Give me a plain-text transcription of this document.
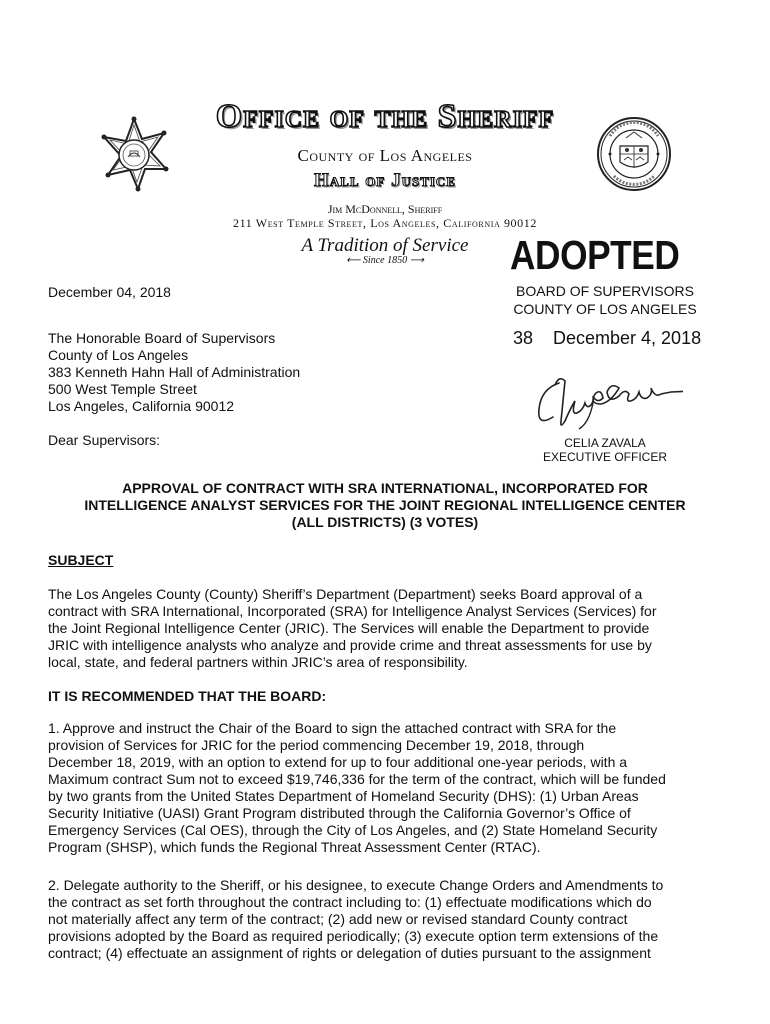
Office of the Sheriff
County of Los Angeles
Hall of Justice
Jim McDonnell, Sheriff
211 West Temple Street, Los Angeles, California 90012
A Tradition of Service
⟵ Since 1850 ⟶	ADOPTED
BOARD OF SUPERVISORS
COUNTY OF LOS ANGELES
38 December 4, 2018
CELIA ZAVALA
EXECUTIVE OFFICER
December 04, 2018
The Honorable Board of Supervisors
County of Los Angeles
383 Kenneth Hahn Hall of Administration
500 West Temple Street
Los Angeles, California 90012
Dear Supervisors:
APPROVAL OF CONTRACT WITH SRA INTERNATIONAL, INCORPORATED FOR
INTELLIGENCE ANALYST SERVICES FOR THE JOINT REGIONAL INTELLIGENCE CENTER
(ALL DISTRICTS) (3 VOTES)
SUBJECT
The Los Angeles County (County) Sheriff’s Department (Department) seeks Board approval of a
contract with SRA International, Incorporated (SRA) for Intelligence Analyst Services (Services) for
the Joint Regional Intelligence Center (JRIC). The Services will enable the Department to provide
JRIC with intelligence analysts who analyze and provide crime and threat assessments for use by
local, state, and federal partners within JRIC’s area of responsibility.
IT IS RECOMMENDED THAT THE BOARD:
1. Approve and instruct the Chair of the Board to sign the attached contract with SRA for the
provision of Services for JRIC for the period commencing December 19, 2018, through
December 18, 2019, with an option to extend for up to four additional one-year periods, with a
Maximum contract Sum not to exceed $19,746,336 for the term of the contract, which will be funded
by two grants from the United States Department of Homeland Security (DHS): (1) Urban Areas
Security Initiative (UASI) Grant Program distributed through the California Governor’s Office of
Emergency Services (Cal OES), through the City of Los Angeles, and (2) State Homeland Security
Program (SHSP), which funds the Regional Threat Assessment Center (RTAC).
2. Delegate authority to the Sheriff, or his designee, to execute Change Orders and Amendments to
the contract as set forth throughout the contract including to: (1) effectuate modifications which do
not materially affect any term of the contract; (2) add new or revised standard County contract
provisions adopted by the Board as required periodically; (3) execute option term extensions of the
contract; (4) effectuate an assignment of rights or delegation of duties pursuant to the assignment
